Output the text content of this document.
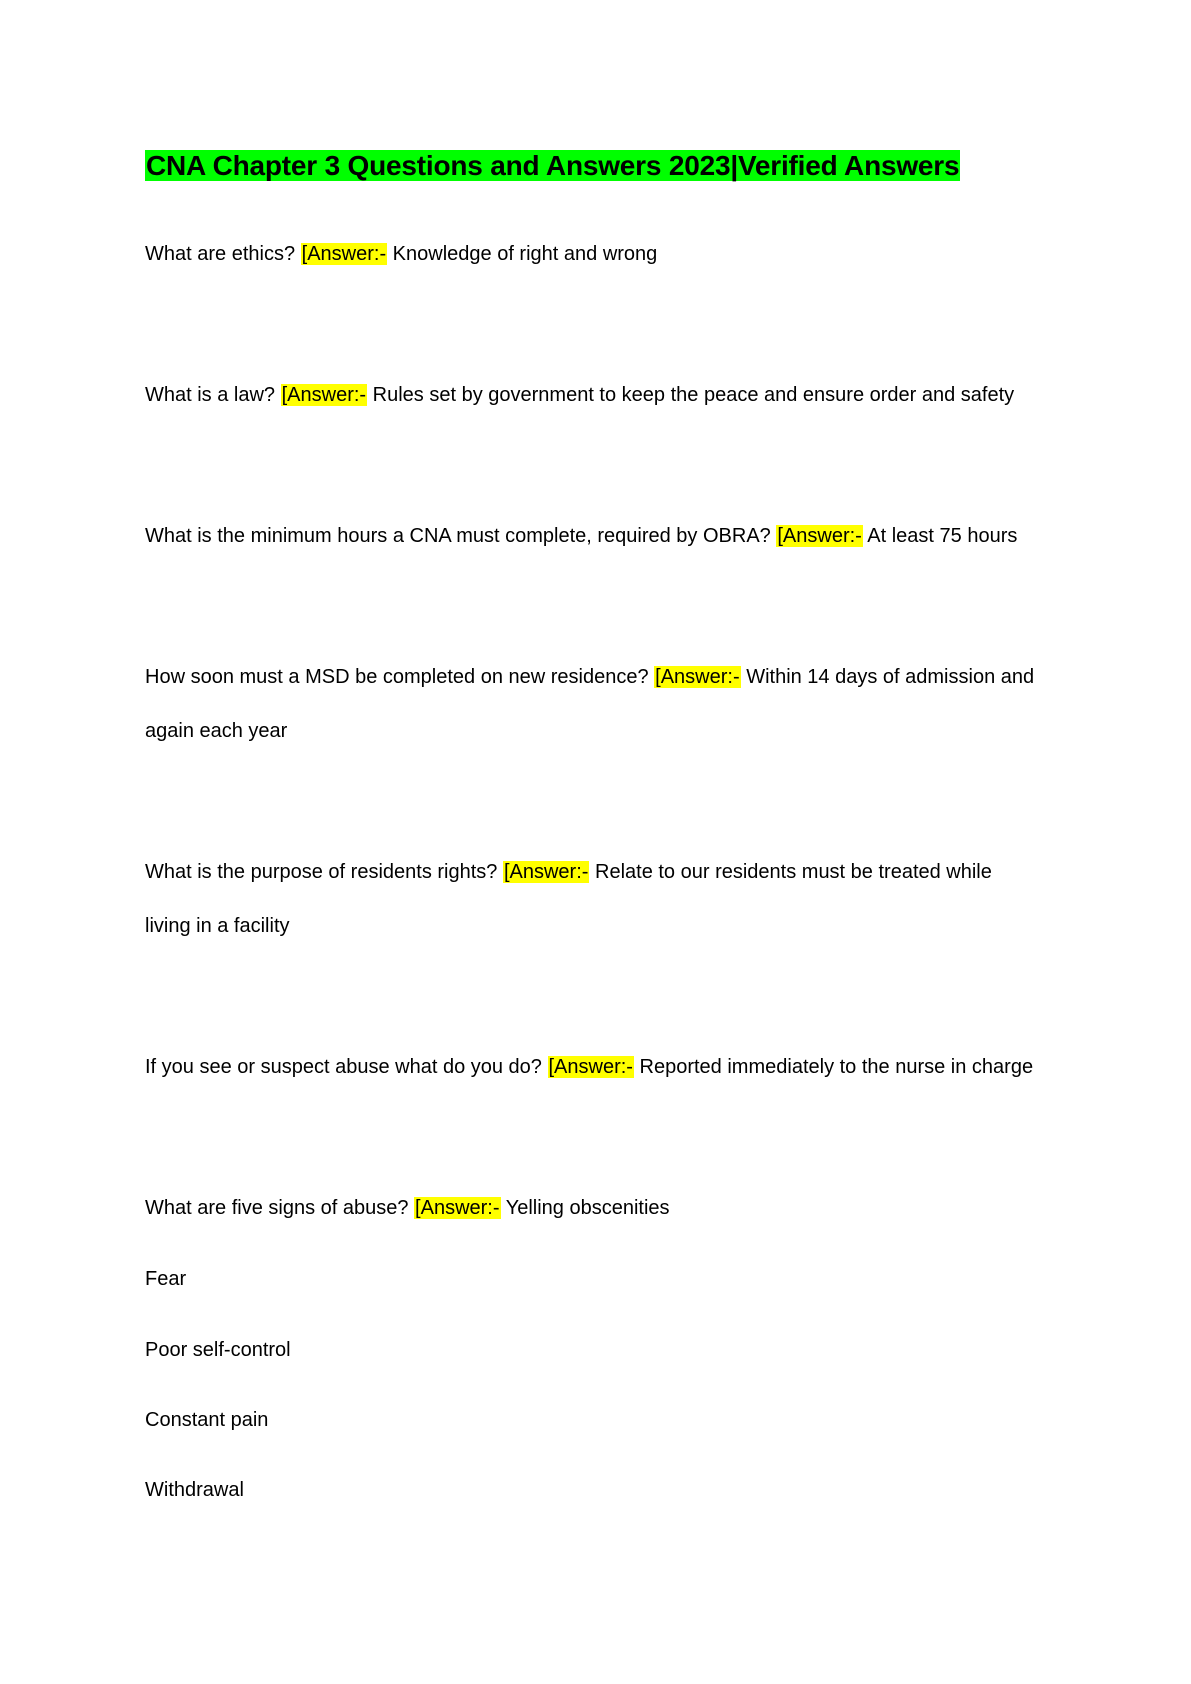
CNA Chapter 3 Questions and Answers 2023|Verified Answers
What are ethics? [Answer:- Knowledge of right and wrong
What is a law? [Answer:- Rules set by government to keep the peace and ensure order and safety
What is the minimum hours a CNA must complete, required by OBRA? [Answer:- At least 75 hours
How soon must a MSD be completed on new residence? [Answer:- Within 14 days of admission and
again each year
What is the purpose of residents rights? [Answer:- Relate to our residents must be treated while
living in a facility
If you see or suspect abuse what do you do? [Answer:- Reported immediately to the nurse in charge
What are five signs of abuse? [Answer:- Yelling obscenities
Fear
Poor self-control
Constant pain
Withdrawal
